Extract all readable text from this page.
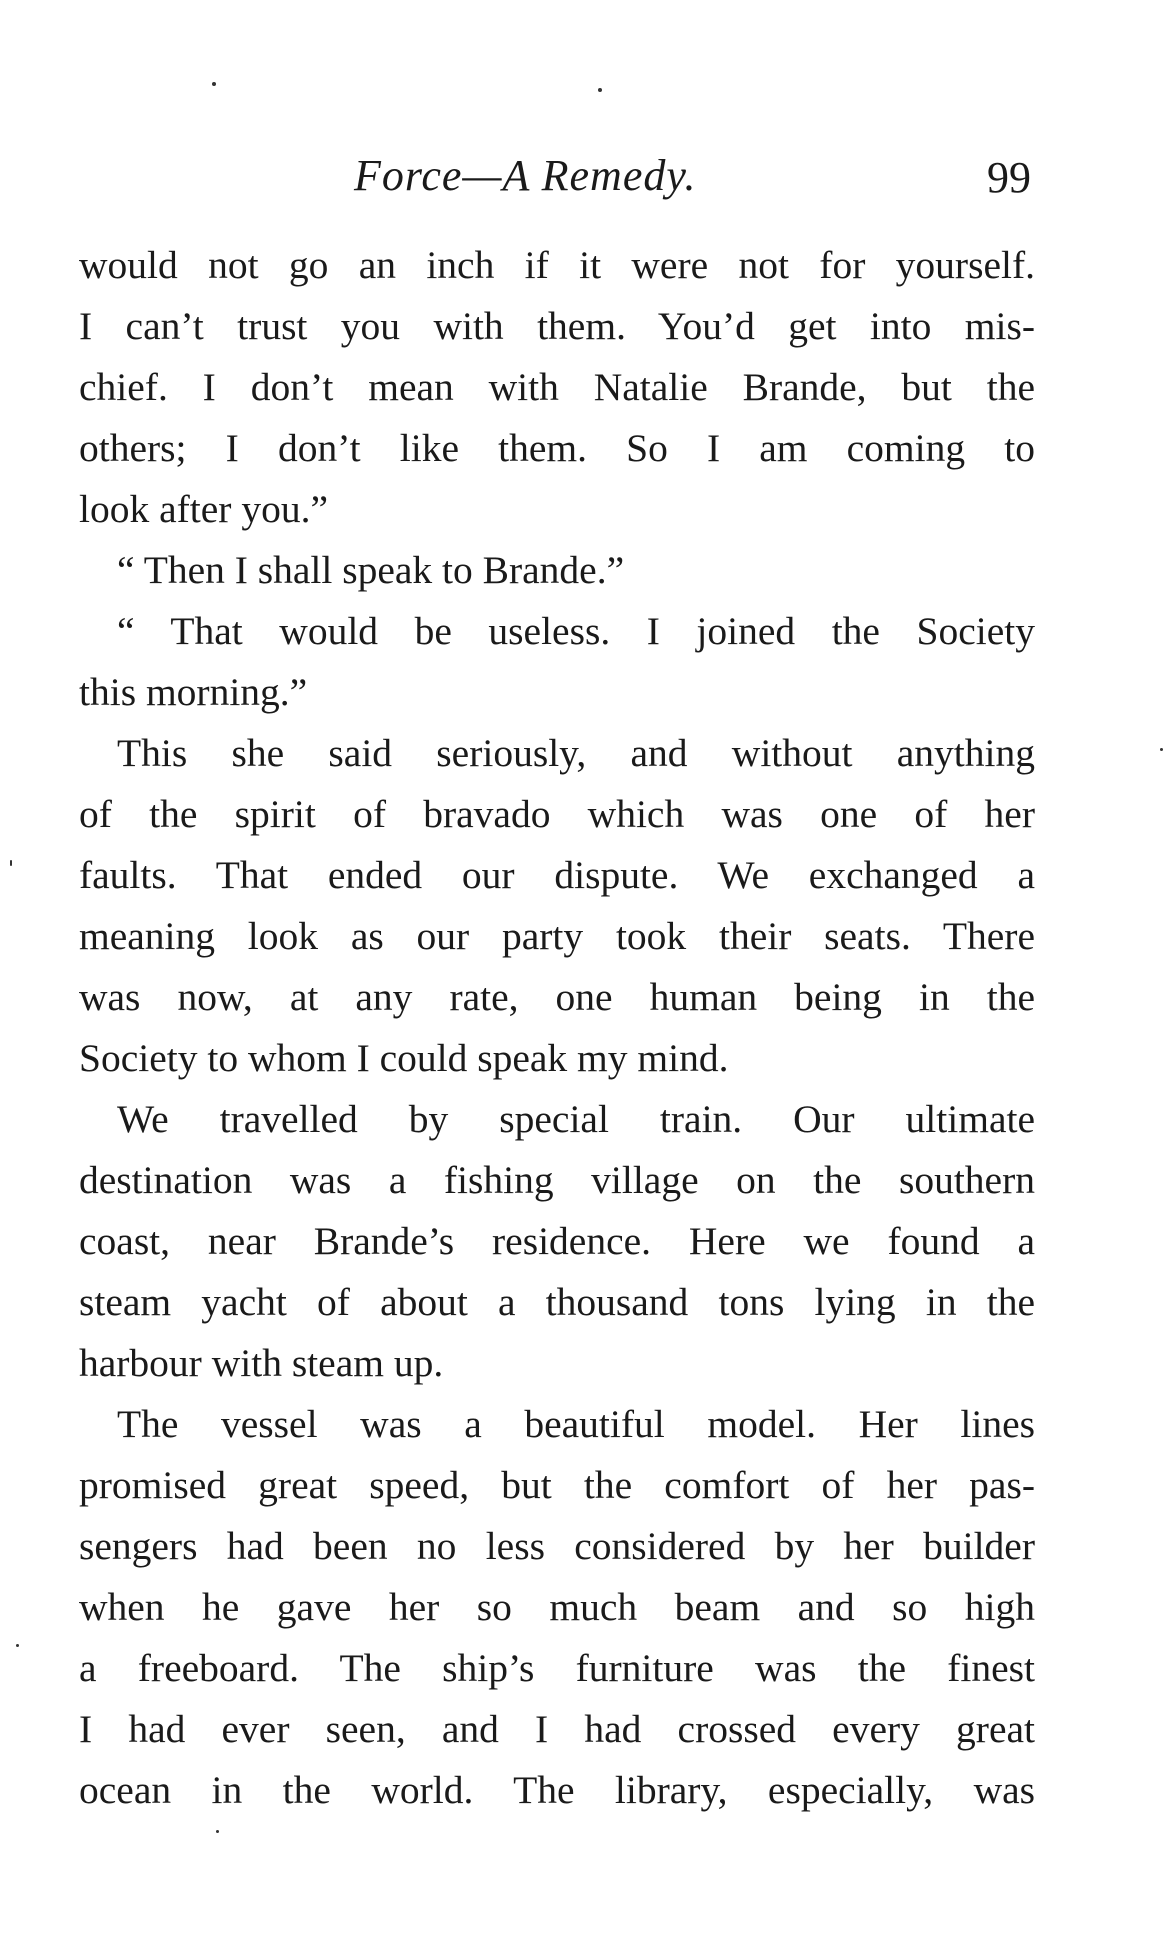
Force—A Remedy.	99
would not go an inch if it were not for yourself.
I can’t trust you with them. You’d get into mis-
chief. I don’t mean with Natalie Brande, but the
others; I don’t like them. So I am coming to
look after you.”
“ Then I shall speak to Brande.”
“ That would be useless. I joined the Society
this morning.”
This she said seriously, and without anything
of the spirit of bravado which was one of her
faults. That ended our dispute. We exchanged a
meaning look as our party took their seats. There
was now, at any rate, one human being in the
Society to whom I could speak my mind.
We travelled by special train. Our ultimate
destination was a fishing village on the southern
coast, near Brande’s residence. Here we found a
steam yacht of about a thousand tons lying in the
harbour with steam up.
The vessel was a beautiful model. Her lines
promised great speed, but the comfort of her pas-
sengers had been no less considered by her builder
when he gave her so much beam and so high
a freeboard. The ship’s furniture was the finest
I had ever seen, and I had crossed every great
ocean in the world. The library, especially, was
